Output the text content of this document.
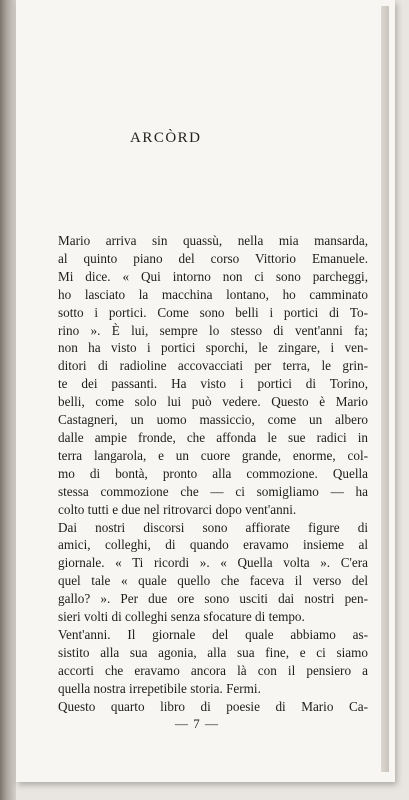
ARCÒRD
Mario arriva sin quassù, nella mia mansarda,
al quinto piano del corso Vittorio Emanuele.
Mi dice. « Qui intorno non ci sono parcheggi,
ho lasciato la macchina lontano, ho camminato
sotto i portici. Come sono belli i portici di To-
rino ». È lui, sempre lo stesso di vent'anni fa;
non ha visto i portici sporchi, le zingare, i ven-
ditori di radioline accovacciati per terra, le grin-
te dei passanti. Ha visto i portici di Torino,
belli, come solo lui può vedere. Questo è Mario
Castagneri, un uomo massiccio, come un albero
dalle ampie fronde, che affonda le sue radici in
terra langarola, e un cuore grande, enorme, col-
mo di bontà, pronto alla commozione. Quella
stessa commozione che — ci somigliamo — ha
colto tutti e due nel ritrovarci dopo vent'anni.
Dai nostri discorsi sono affiorate figure di
amici, colleghi, di quando eravamo insieme al
giornale. « Ti ricordi ». « Quella volta ». C'era
quel tale « quale quello che faceva il verso del
gallo? ». Per due ore sono usciti dai nostri pen-
sieri volti di colleghi senza sfocature di tempo.
Vent'anni. Il giornale del quale abbiamo as-
sistito alla sua agonia, alla sua fine, e ci siamo
accorti che eravamo ancora là con il pensiero a
quella nostra irrepetibile storia. Fermi.
Questo quarto libro di poesie di Mario Ca-
— 7 —
